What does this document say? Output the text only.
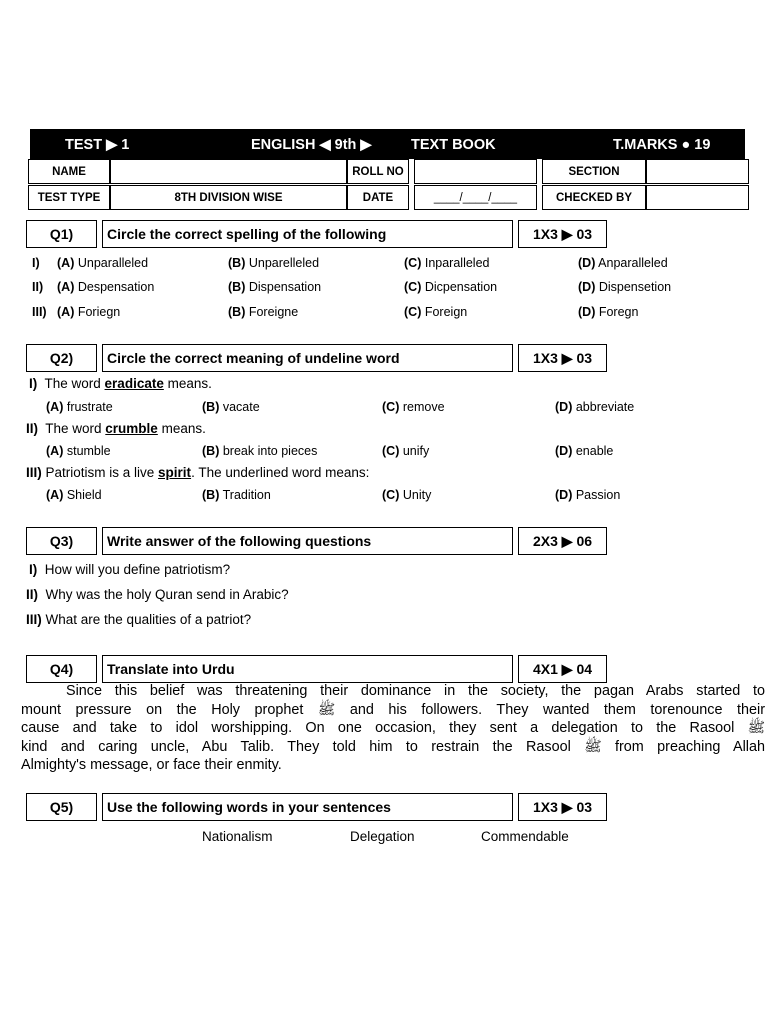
TEST ▶ 1	ENGLISH ◀ 9th ▶	TEXT BOOK	T.MARKS ● 19
NAME	ROLL NO	SECTION
TEST TYPE	8TH DIVISION WISE	DATE	____/____/____	CHECKED BY
Q1)	Circle the correct spelling of the following	1X3 ▶ 03
I) (A) Unparalleled	(B) Unparelleled	(C) Inparalleled	(D) Anparalleled
II) (A) Despensation	(B) Dispensation	(C) Dicpensation	(D) Dispensetion
III) (A) Foriegn	(B) Foreigne	(C) Foreign	(D) Foregn
Q2)	Circle the correct meaning of undeline word	1X3 ▶ 03
I) The word eradicate means.
(A) frustrate	(B) vacate	(C) remove	(D) abbreviate
II) The word crumble means.
(A) stumble	(B) break into pieces	(C) unify	(D) enable
III) Patriotism is a live spirit. The underlined word means:
(A) Shield	(B) Tradition	(C) Unity	(D) Passion
Q3)	Write answer of the following questions	2X3 ▶ 06
I) How will you define patriotism?
II) Why was the holy Quran send in Arabic?
III) What are the qualities of a patriot?
Q4)	Translate into Urdu	4X1 ▶ 04
Since this belief was threatening their dominance in the society, the pagan Arabs started to
mount pressure on the Holy prophet ﷺ and his followers. They wanted them torenounce their
cause and take to idol worshipping. On one occasion, they sent a delegation to the Rasool ﷺ
kind and caring uncle, Abu Talib. They told him to restrain the Rasool ﷺ from preaching Allah
Almighty's message, or face their enmity.
Q5)	Use the following words in your sentences	1X3 ▶ 03
Nationalism	Delegation	Commendable
